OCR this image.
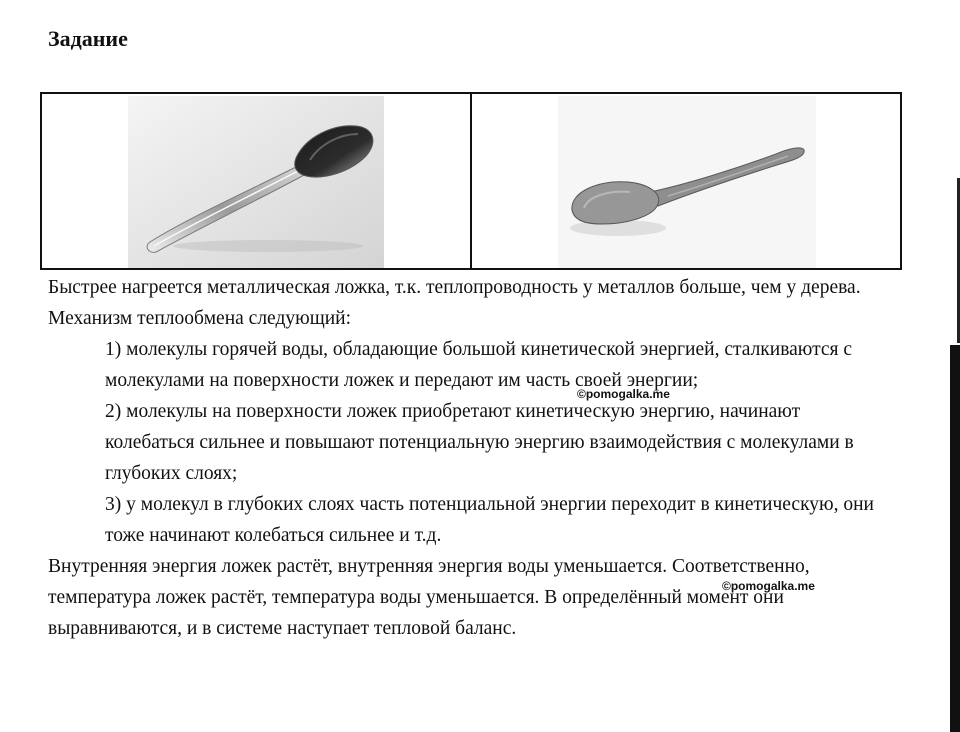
Задание

Быстрее нагреется металлическая ложка, т.к. теплопроводность у металлов больше, чем у дерева.

Механизм теплообмена следующий:

1) молекулы горячей воды, обладающие большой кинетической энергией, сталкиваются с молекулами на поверхности ложек и передают им часть своей энергии;

2) молекулы на поверхности ложек приобретают кинетическую энергию, начинают колебаться сильнее и повышают потенциальную энергию взаимодействия с молекулами в глубоких слоях;

3) у молекул в глубоких слоях часть потенциальной энергии переходит в кинетическую, они тоже начинают колебаться сильнее и т.д.

Внутренняя энергия ложек растёт, внутренняя энергия воды уменьшается. Соответственно, температура ложек растёт, температура воды уменьшается. В определённый момент они выравниваются, и в системе наступает тепловой баланс.

©pomogalka.me
©pomogalka.me
